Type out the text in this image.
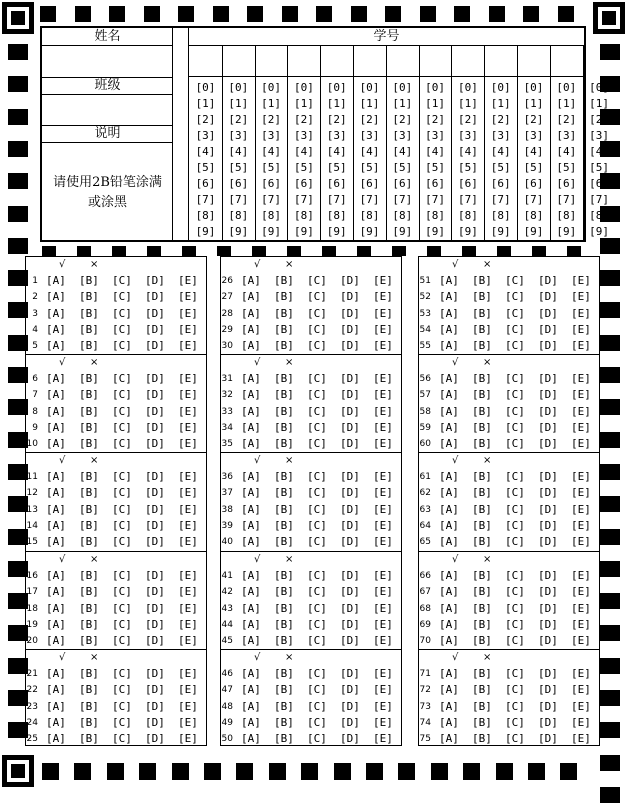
姓名
班级
说明
请使用2B铅笔涂满
或涂黑
学号
[0]
[1]
[2]
[3]
[4]
[5]
[6]
[7]
[8]
[9]
[0]
[1]
[2]
[3]
[4]
[5]
[6]
[7]
[8]
[9]
[0]
[1]
[2]
[3]
[4]
[5]
[6]
[7]
[8]
[9]
[0]
[1]
[2]
[3]
[4]
[5]
[6]
[7]
[8]
[9]
[0]
[1]
[2]
[3]
[4]
[5]
[6]
[7]
[8]
[9]
[0]
[1]
[2]
[3]
[4]
[5]
[6]
[7]
[8]
[9]
[0]
[1]
[2]
[3]
[4]
[5]
[6]
[7]
[8]
[9]
[0]
[1]
[2]
[3]
[4]
[5]
[6]
[7]
[8]
[9]
[0]
[1]
[2]
[3]
[4]
[5]
[6]
[7]
[8]
[9]
[0]
[1]
[2]
[3]
[4]
[5]
[6]
[7]
[8]
[9]
[0]
[1]
[2]
[3]
[4]
[5]
[6]
[7]
[8]
[9]
[0]
[1]
[2]
[3]
[4]
[5]
[6]
[7]
[8]
[9]
[0]
[1]
[2]
[3]
[4]
[5]
[6]
[7]
[8]
[9]
√ ×
1 [A] [B] [C] [D] [E]
2 [A] [B] [C] [D] [E]
3 [A] [B] [C] [D] [E]
4 [A] [B] [C] [D] [E]
5 [A] [B] [C] [D] [E]
√ ×
6 [A] [B] [C] [D] [E]
7 [A] [B] [C] [D] [E]
8 [A] [B] [C] [D] [E]
9 [A] [B] [C] [D] [E]
10 [A] [B] [C] [D] [E]
√ ×
11 [A] [B] [C] [D] [E]
12 [A] [B] [C] [D] [E]
13 [A] [B] [C] [D] [E]
14 [A] [B] [C] [D] [E]
15 [A] [B] [C] [D] [E]
√ ×
16 [A] [B] [C] [D] [E]
17 [A] [B] [C] [D] [E]
18 [A] [B] [C] [D] [E]
19 [A] [B] [C] [D] [E]
20 [A] [B] [C] [D] [E]
√ ×
21 [A] [B] [C] [D] [E]
22 [A] [B] [C] [D] [E]
23 [A] [B] [C] [D] [E]
24 [A] [B] [C] [D] [E]
25 [A] [B] [C] [D] [E]
√ ×
26 [A] [B] [C] [D] [E]
27 [A] [B] [C] [D] [E]
28 [A] [B] [C] [D] [E]
29 [A] [B] [C] [D] [E]
30 [A] [B] [C] [D] [E]
√ ×
31 [A] [B] [C] [D] [E]
32 [A] [B] [C] [D] [E]
33 [A] [B] [C] [D] [E]
34 [A] [B] [C] [D] [E]
35 [A] [B] [C] [D] [E]
√ ×
36 [A] [B] [C] [D] [E]
37 [A] [B] [C] [D] [E]
38 [A] [B] [C] [D] [E]
39 [A] [B] [C] [D] [E]
40 [A] [B] [C] [D] [E]
√ ×
41 [A] [B] [C] [D] [E]
42 [A] [B] [C] [D] [E]
43 [A] [B] [C] [D] [E]
44 [A] [B] [C] [D] [E]
45 [A] [B] [C] [D] [E]
√ ×
46 [A] [B] [C] [D] [E]
47 [A] [B] [C] [D] [E]
48 [A] [B] [C] [D] [E]
49 [A] [B] [C] [D] [E]
50 [A] [B] [C] [D] [E]
√ ×
51 [A] [B] [C] [D] [E]
52 [A] [B] [C] [D] [E]
53 [A] [B] [C] [D] [E]
54 [A] [B] [C] [D] [E]
55 [A] [B] [C] [D] [E]
√ ×
56 [A] [B] [C] [D] [E]
57 [A] [B] [C] [D] [E]
58 [A] [B] [C] [D] [E]
59 [A] [B] [C] [D] [E]
60 [A] [B] [C] [D] [E]
√ ×
61 [A] [B] [C] [D] [E]
62 [A] [B] [C] [D] [E]
63 [A] [B] [C] [D] [E]
64 [A] [B] [C] [D] [E]
65 [A] [B] [C] [D] [E]
√ ×
66 [A] [B] [C] [D] [E]
67 [A] [B] [C] [D] [E]
68 [A] [B] [C] [D] [E]
69 [A] [B] [C] [D] [E]
70 [A] [B] [C] [D] [E]
√ ×
71 [A] [B] [C] [D] [E]
72 [A] [B] [C] [D] [E]
73 [A] [B] [C] [D] [E]
74 [A] [B] [C] [D] [E]
75 [A] [B] [C] [D] [E]
